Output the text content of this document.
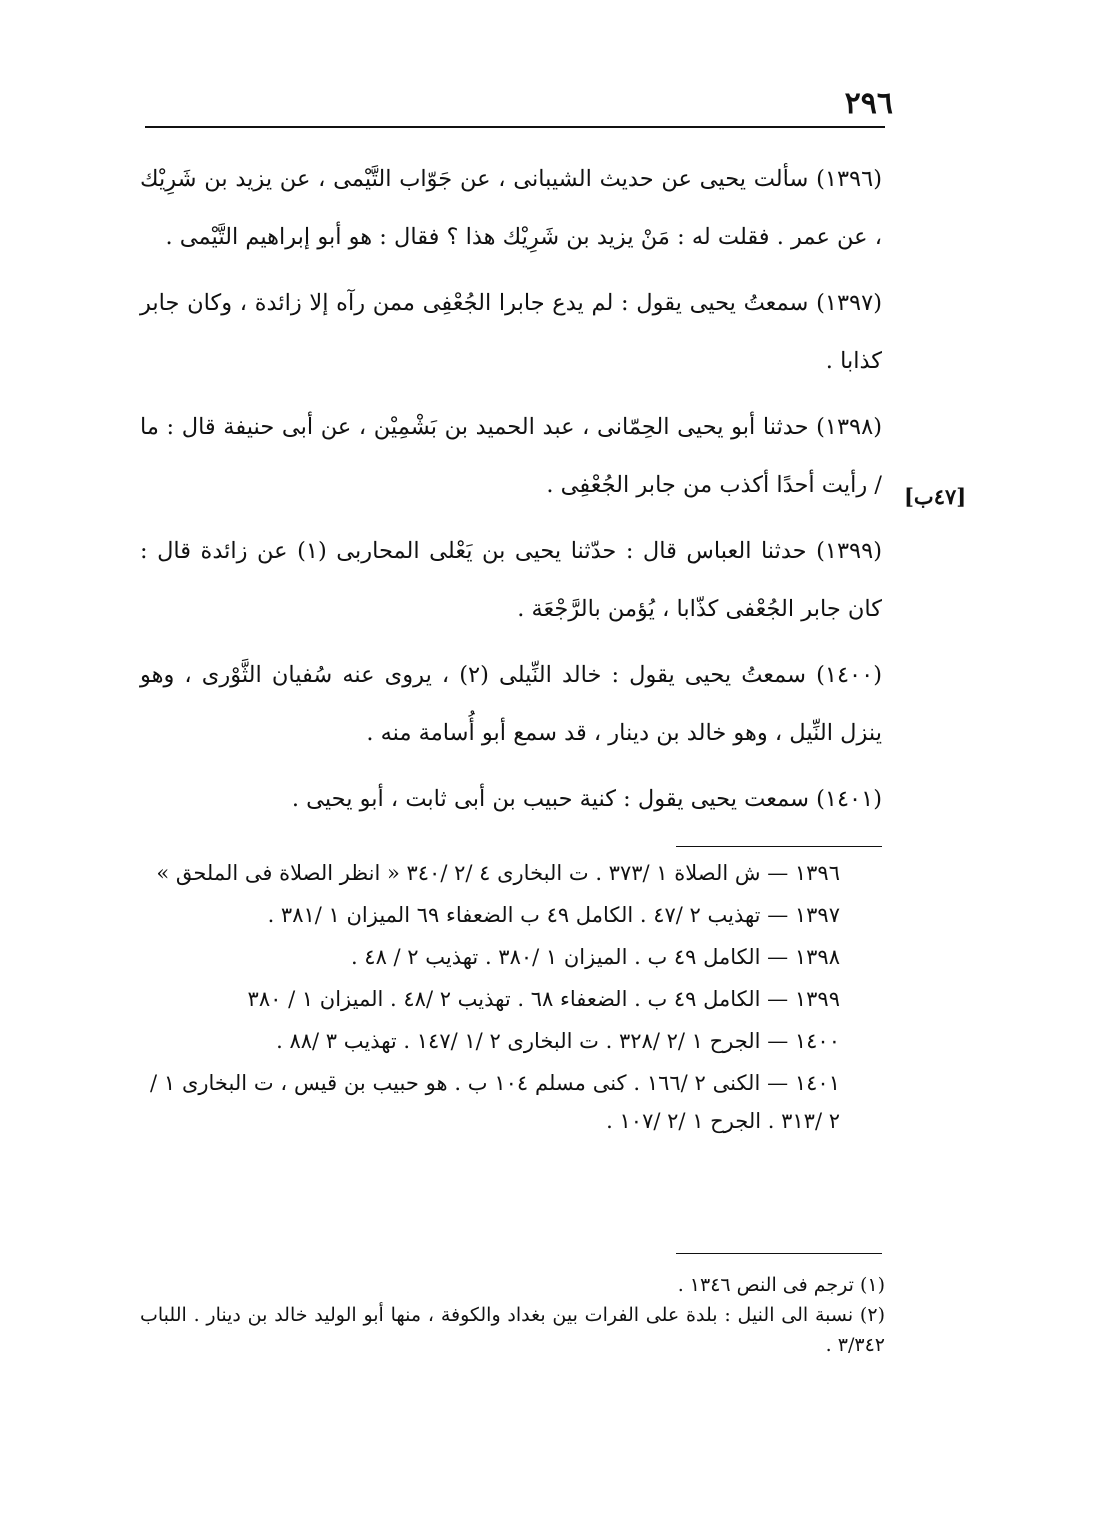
٢٩٦
[٤٧ب]

(١٣٩٦) سألت يحيى عن حديث الشيبانى ، عن جَوّاب التَّيْمى ، عن يزيد بن شَرِيْك ، عن عمر . فقلت له : مَنْ يزيد بن شَرِيْك هذا ؟ فقال : هو أبو إبراهيم التَّيْمى .

(١٣٩٧) سمعتُ يحيى يقول : لم يدع جابرا الجُعْفِى ممن رآه إلا زائدة ، وكان جابر كذابا .

(١٣٩٨) حدثنا أبو يحيى الحِمّانى ، عبد الحميد بن بَشْمِيْن ، عن أبى حنيفة قال : ما / رأيت أحدًا أكذب من جابر الجُعْفِى .

(١٣٩٩) حدثنا العباس قال : حدّثنا يحيى بن يَعْلى المحاربى (١) عن زائدة قال : كان جابر الجُعْفى كذّابا ، يُؤمن بالرَّجْعَة .

(١٤٠٠) سمعتُ يحيى يقول : خالد النِّيلى (٢) ، يروى عنه سُفيان الثَّوْرى ، وهو ينزل النِّيل ، وهو خالد بن دينار ، قد سمع أبو أُسامة منه .

(١٤٠١) سمعت يحيى يقول : كنية حبيب بن أبى ثابت ، أبو يحيى .

١٣٩٦ — ش الصلاة ١ /٣٧٣ . ت البخارى ٤ /٢ /٣٤٠ « انظر الصلاة فى الملحق »

١٣٩٧ — تهذيب ٢ /٤٧ . الكامل ٤٩ ب الضعفاء ٦٩ الميزان ١ /٣٨١ .

١٣٩٨ — الكامل ٤٩ ب . الميزان ١ /٣٨٠ . تهذيب ٢ / ٤٨ .

١٣٩٩ — الكامل ٤٩ ب . الضعفاء ٦٨ . تهذيب ٢ /٤٨ . الميزان ١ / ٣٨٠

١٤٠٠ — الجرح ١ /٢ /٣٢٨ . ت البخارى ٢ /١ /١٤٧ . تهذيب ٣ /٨٨ .

١٤٠١ — الكنى ٢ /١٦٦ . كنى مسلم ١٠٤ ب . هو حبيب بن قيس ، ت البخارى ١ /٢ /٣١٣ . الجرح ١ /٢ /١٠٧ .

(١) ترجم فى النص ١٣٤٦ .

(٢) نسبة الى النيل : بلدة على الفرات بين بغداد والكوفة ، منها أبو الوليد خالد بن دينار . اللباب ٣/٣٤٢ .
